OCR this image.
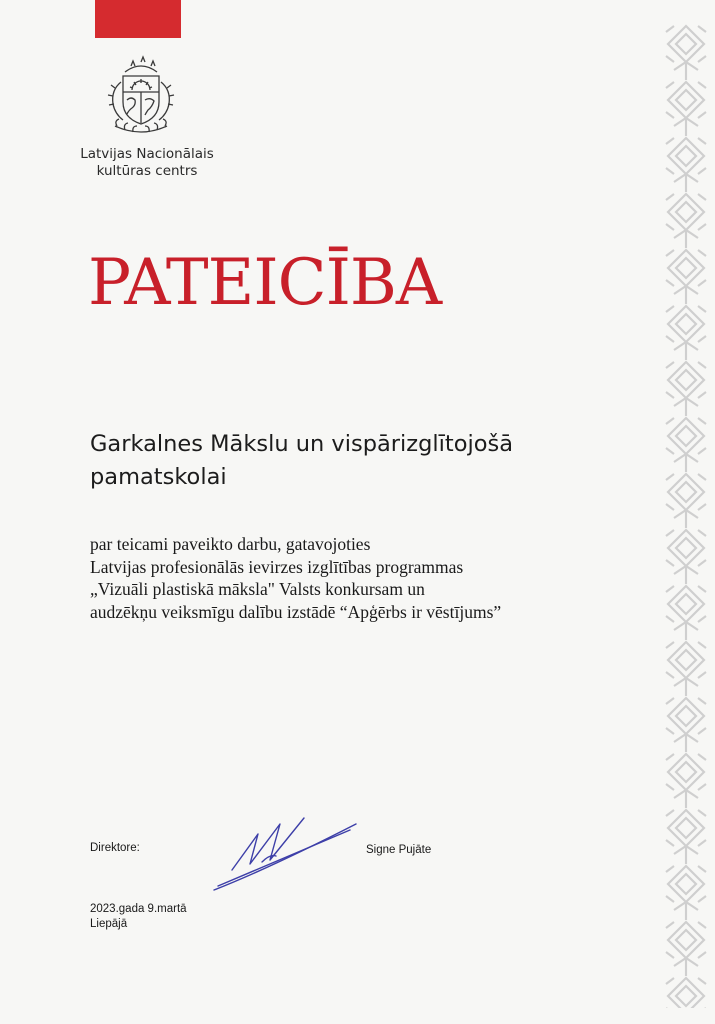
Latvijas Nacionālais
kultūras centrs
PATEICĪBA
Garkalnes Mākslu un vispārizglītojošā
pamatskolai
par teicami paveikto darbu, gatavojoties
Latvijas profesionālās ievirzes izglītības programmas
„Vizuāli plastiskā māksla" Valsts konkursam un
audzēkņu veiksmīgu dalību izstādē “Apģērbs ir vēstījums”
Direktore:	Signe Pujāte
2023.gada 9.martā
Liepājā
